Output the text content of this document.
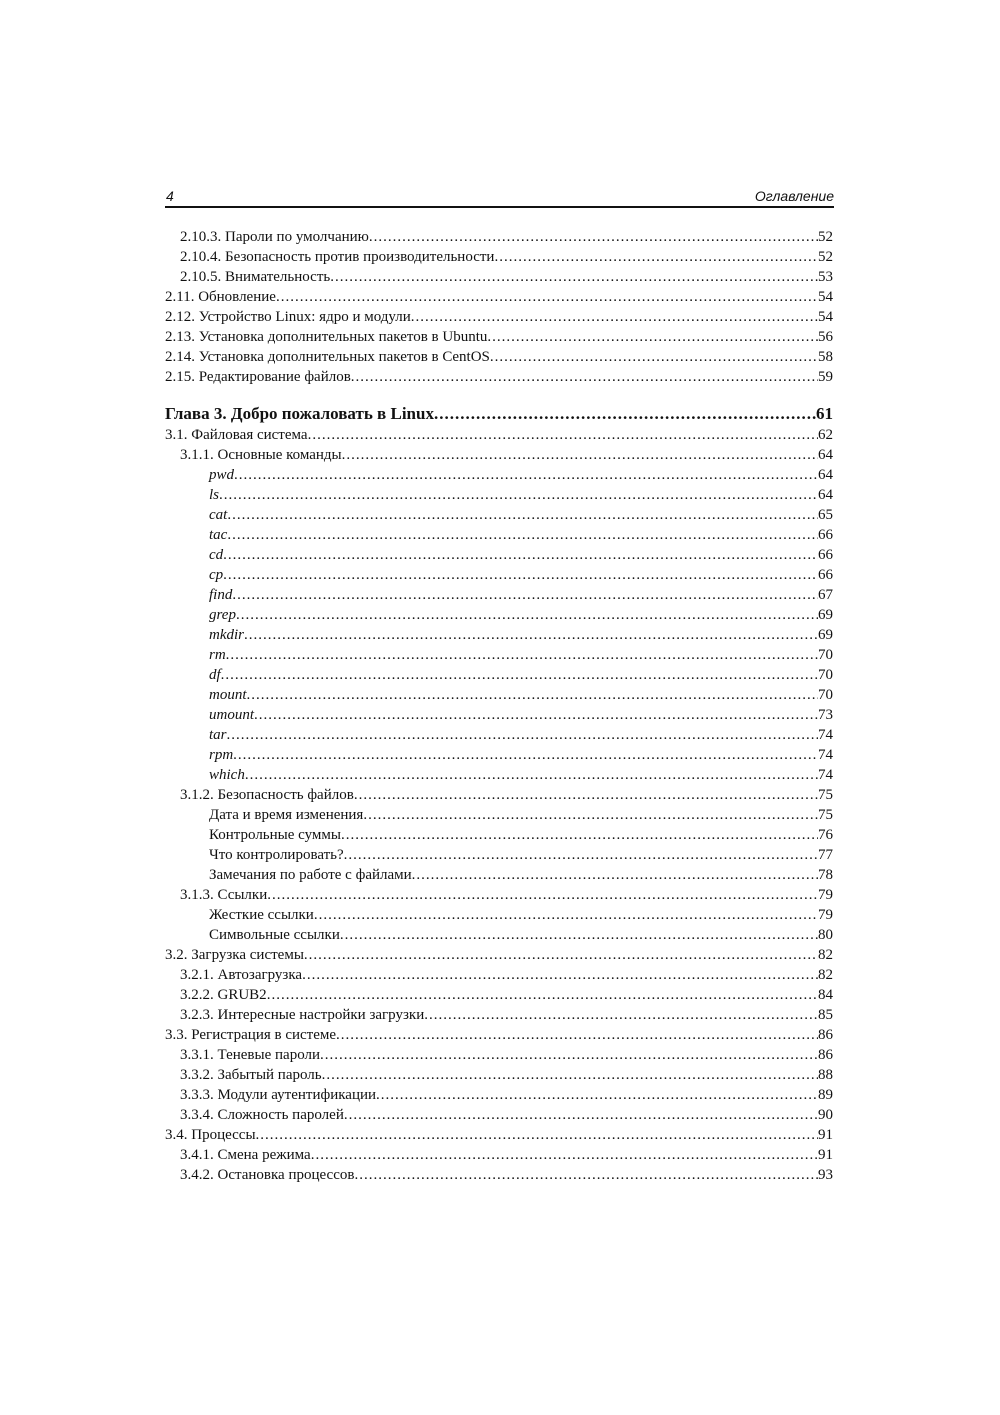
4	Оглавление
2.10.3. Пароли по умолчанию .....	52
2.10.4. Безопасность против производительности .....	52
2.10.5. Внимательность .....	53
2.11. Обновление .....	54
2.12. Устройство Linux: ядро и модули .....	54
2.13. Установка дополнительных пакетов в Ubuntu .....	56
2.14. Установка дополнительных пакетов в CentOS .....	58
2.15. Редактирование файлов .....	59
Глава 3. Добро пожаловать в Linux .....	61
3.1. Файловая система .....	62
3.1.1. Основные команды .....	64
pwd .....	64
ls .....	64
cat .....	65
tac .....	66
cd .....	66
cp .....	66
find .....	67
grep .....	69
mkdir .....	69
rm .....	70
df .....	70
mount .....	70
umount .....	73
tar .....	74
rpm .....	74
which .....	74
3.1.2. Безопасность файлов .....	75
Дата и время изменения .....	75
Контрольные суммы .....	76
Что контролировать? .....	77
Замечания по работе с файлами .....	78
3.1.3. Ссылки .....	79
Жесткие ссылки .....	79
Символьные ссылки .....	80
3.2. Загрузка системы .....	82
3.2.1. Автозагрузка .....	82
3.2.2. GRUB2 .....	84
3.2.3. Интересные настройки загрузки .....	85
3.3. Регистрация в системе .....	86
3.3.1. Теневые пароли .....	86
3.3.2. Забытый пароль .....	88
3.3.3. Модули аутентификации .....	89
3.3.4. Сложность паролей .....	90
3.4. Процессы .....	91
3.4.1. Смена режима .....	91
3.4.2. Остановка процессов .....	93
